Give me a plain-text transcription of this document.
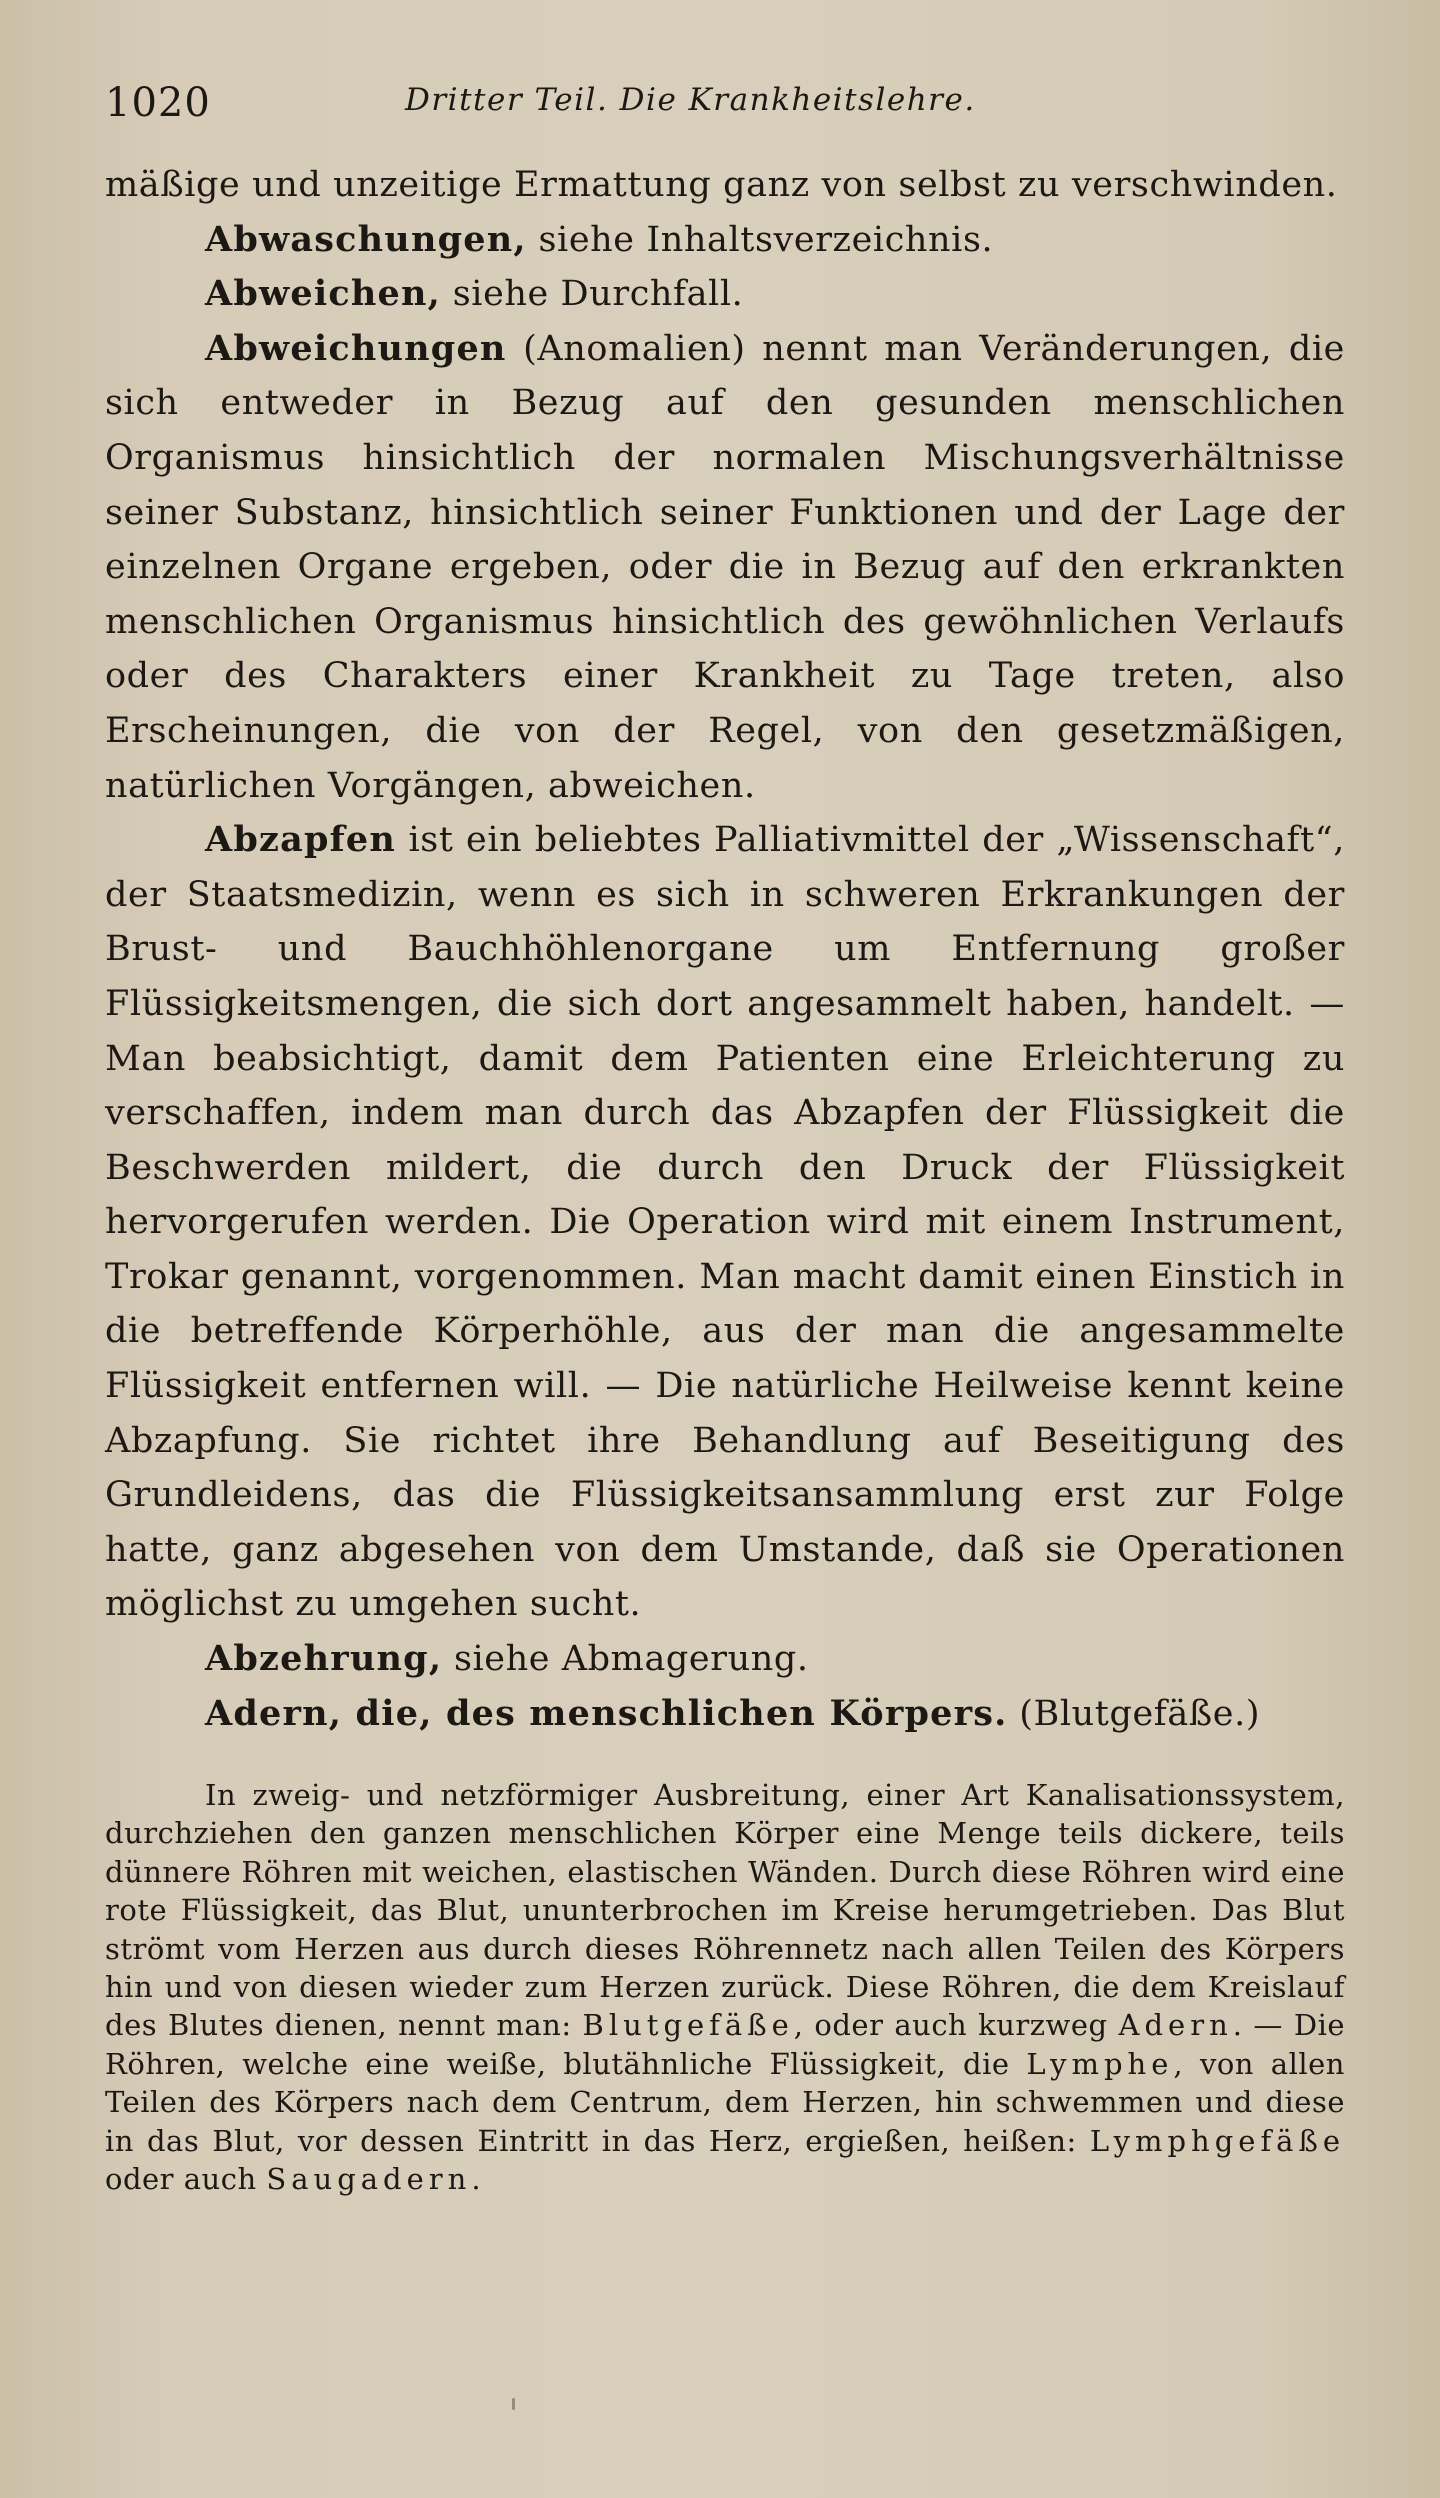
1020	Dritter Teil. Die Krankheitslehre.

mäßige und unzeitige Ermattung ganz von selbst zu verschwinden.

Abwaschungen, siehe Inhaltsverzeichnis.

Abweichen, siehe Durchfall.

Abweichungen (Anomalien) nennt man Veränderungen, die sich entweder in Bezug auf den gesunden menschlichen Organismus hinsichtlich der normalen Mischungsverhältnisse seiner Substanz, hinsichtlich seiner Funktionen und der Lage der einzelnen Organe ergeben, oder die in Bezug auf den erkrankten menschlichen Organismus hinsichtlich des gewöhnlichen Verlaufs oder des Charakters einer Krankheit zu Tage treten, also Erscheinungen, die von der Regel, von den gesetzmäßigen, natürlichen Vorgängen, abweichen.

Abzapfen ist ein beliebtes Palliativmittel der „Wissenschaft“, der Staatsmedizin, wenn es sich in schweren Erkrankungen der Brust- und Bauchhöhlenorgane um Entfernung großer Flüssigkeitsmengen, die sich dort angesammelt haben, handelt. — Man beabsichtigt, damit dem Patienten eine Erleichterung zu verschaffen, indem man durch das Abzapfen der Flüssigkeit die Beschwerden mildert, die durch den Druck der Flüssigkeit hervorgerufen werden. Die Operation wird mit einem Instrument, Trokar genannt, vorgenommen. Man macht damit einen Einstich in die betreffende Körperhöhle, aus der man die angesammelte Flüssigkeit entfernen will. — Die natürliche Heilweise kennt keine Abzapfung. Sie richtet ihre Behandlung auf Beseitigung des Grundleidens, das die Flüssigkeitsansammlung erst zur Folge hatte, ganz abgesehen von dem Umstande, daß sie Operationen möglichst zu umgehen sucht.

Abzehrung, siehe Abmagerung.

Adern, die, des menschlichen Körpers. (Blutgefäße.)

In zweig- und netzförmiger Ausbreitung, einer Art Kanalisationssystem, durchziehen den ganzen menschlichen Körper eine Menge teils dickere, teils dünnere Röhren mit weichen, elastischen Wänden. Durch diese Röhren wird eine rote Flüssigkeit, das Blut, ununterbrochen im Kreise herumgetrieben. Das Blut strömt vom Herzen aus durch dieses Röhrennetz nach allen Teilen des Körpers hin und von diesen wieder zum Herzen zurück. Diese Röhren, die dem Kreislauf des Blutes dienen, nennt man: Blutgefäße, oder auch kurzweg Adern. — Die Röhren, welche eine weiße, blutähnliche Flüssigkeit, die Lymphe, von allen Teilen des Körpers nach dem Centrum, dem Herzen, hin schwemmen und diese in das Blut, vor dessen Eintritt in das Herz, ergießen, heißen: Lymphgefäße oder auch Saugadern.
